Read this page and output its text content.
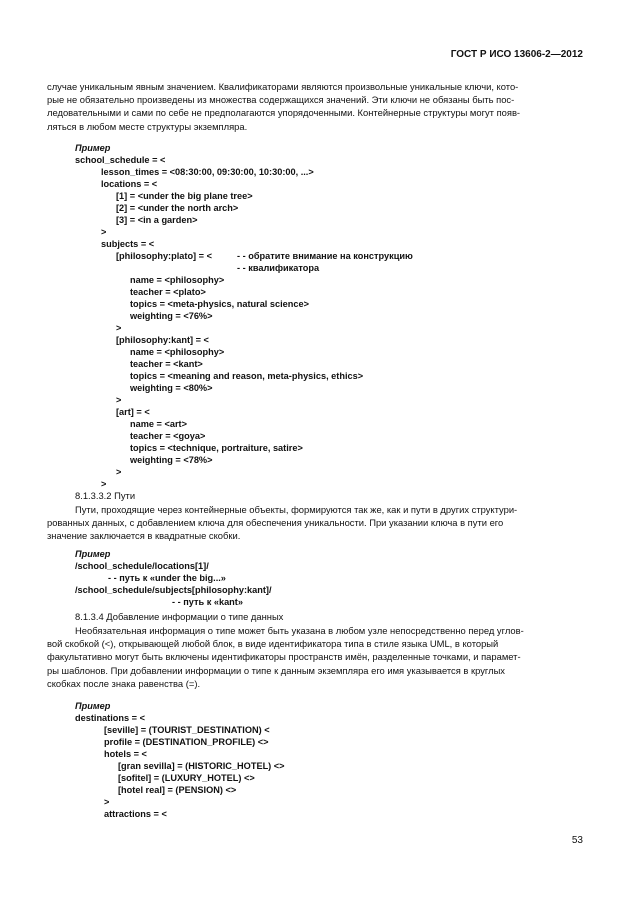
ГОСТ Р ИСО 13606-2—2012
случае уникальным явным значением. Квалификаторами являются произвольные уникальные ключи, кото-
рые не обязательно произведены из множества содержащихся значений. Эти ключи не обязаны быть пос-
ледовательными и сами по себе не предполагаются упорядоченными. Контейнерные структуры могут появ-
ляться в любом месте структуры экземпляра.
Пример
school_schedule = <
lesson_times = <08:30:00, 09:30:00, 10:30:00, ...>
locations = <
[1] = <under the big plane tree>
[2] = <under the north arch>
[3] = <in a garden>
>
subjects = <
[philosophy:plato] = <	- - обратите внимание на конструкцию
- - квалификатора
name = <philosophy>
teacher = <plato>
topics = <meta-physics, natural science>
weighting = <76%>
>
[philosophy:kant] = <
name = <philosophy>
teacher = <kant>
topics = <meaning and reason, meta-physics, ethics>
weighting = <80%>
>
[art] = <
name = <art>
teacher = <goya>
topics = <technique, portraiture, satire>
weighting = <78%>
>
>
8.1.3.3.2 Пути
Пути, проходящие через контейнерные объекты, формируются так же, как и пути в других структури-
рованных данных, с добавлением ключа для обеспечения уникальности. При указании ключа в пути его
значение заключается в квадратные скобки.
Пример
/school_schedule/locations[1]/
- - путь к «under the big...»
/school_schedule/subjects[philosophy:kant]/
- - путь к «kant»
8.1.3.4 Добавление информации о типе данных
Необязательная информация о типе может быть указана в любом узле непосредственно перед углов-
вой скобкой (<), открывающей любой блок, в виде идентификатора типа в стиле языка UML, в который
факультативно могут быть включены идентификаторы пространств имён, разделенные точками, и парамет-
ры шаблонов. При добавлении информации о типе к данным экземпляра его имя указывается в круглых
скобках после знака равенства (=).
Пример
destinations = <
[seville] = (TOURIST_DESTINATION) <
profile = (DESTINATION_PROFILE) <>
hotels = <
[gran sevilla] = (HISTORIC_HOTEL) <>
[sofitel] = (LUXURY_HOTEL) <>
[hotel real] = (PENSION) <>
>
attractions = <
53
